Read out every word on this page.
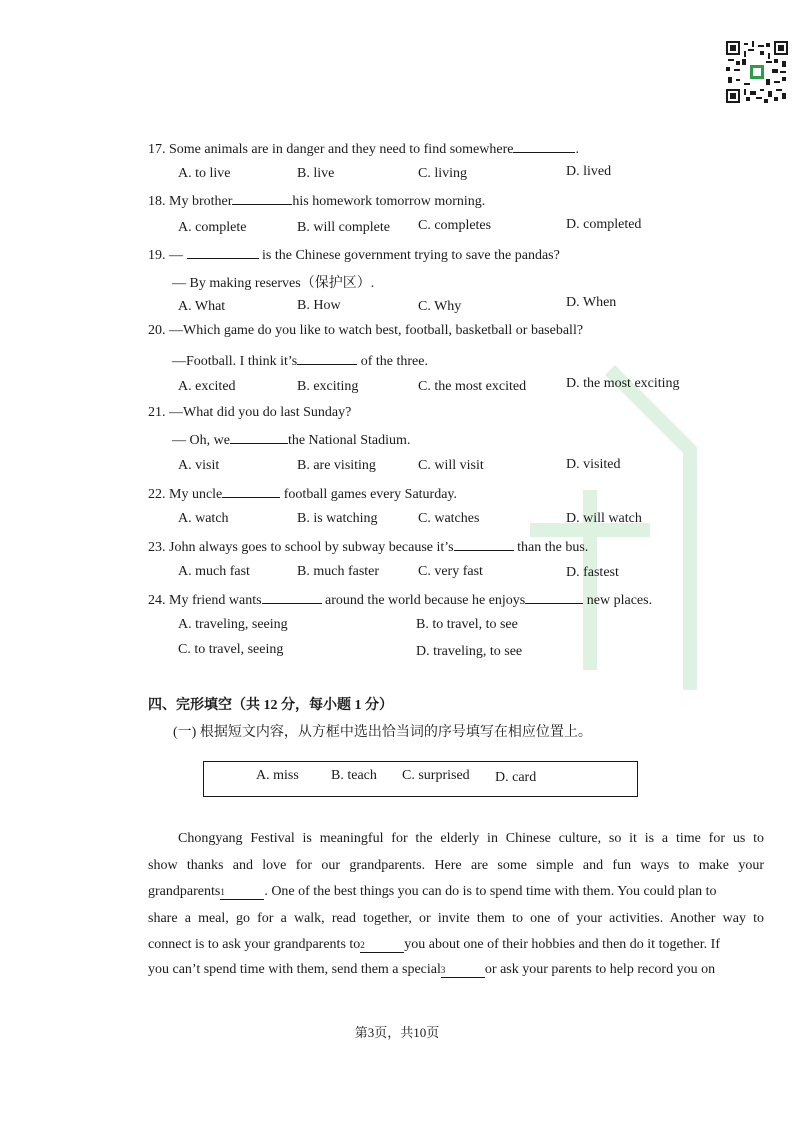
17. Some animals are in danger and they need to find somewhere	.
A. to live	B. live	C. living	D. lived
18. My brother	his homework tomorrow morning.
A. complete	B. will complete C. completes	D. completed
19. —	is the Chinese government trying to save the pandas?
— By making reserves（保护区）.
A. What	B. How	C. Why	D. When
20. —Which game do you like to watch best, football, basketball or baseball?
—Football. I think it’s	of the three.
A. excited	B. exciting	C. the most excited	D. the most exciting
21. —What did you do last Sunday?
— Oh, we	the National Stadium.
A. visit	B. are visiting	C. will visit	D. visited
22. My uncle	football games every Saturday.
A. watch	B. is watching	C. watches	D. will watch
23. John always goes to school by subway because it’s	than the bus.
A. much fast	B. much faster	C. very fast	D. fastest
24. My friend wants	around the world because he enjoys	new places.
A. traveling, seeing	B. to travel, to see
C. to travel, seeing	D. traveling, to see
四、完形填空（共 12 分，每小题 1 分）
(一) 根据短文内容，从方框中选出恰当词的序号填写在相应位置上。
A. miss B. teach C. surprised D. card
Chongyang Festival is meaningful for the elderly in Chinese culture, so it is a time for us to
show thanks and love for our grandparents. Here are some simple and fun ways to make your
grandparents1	. One of the best things you can do is to spend time with them. You could plan to
share a meal, go for a walk, read together, or invite them to one of your activities. Another way to
connect is to ask your grandparents to2	you about one of their hobbies and then do it together. If
you can’t spend time with them, send them a special3	or ask your parents to help record you on
第3页，共10页
